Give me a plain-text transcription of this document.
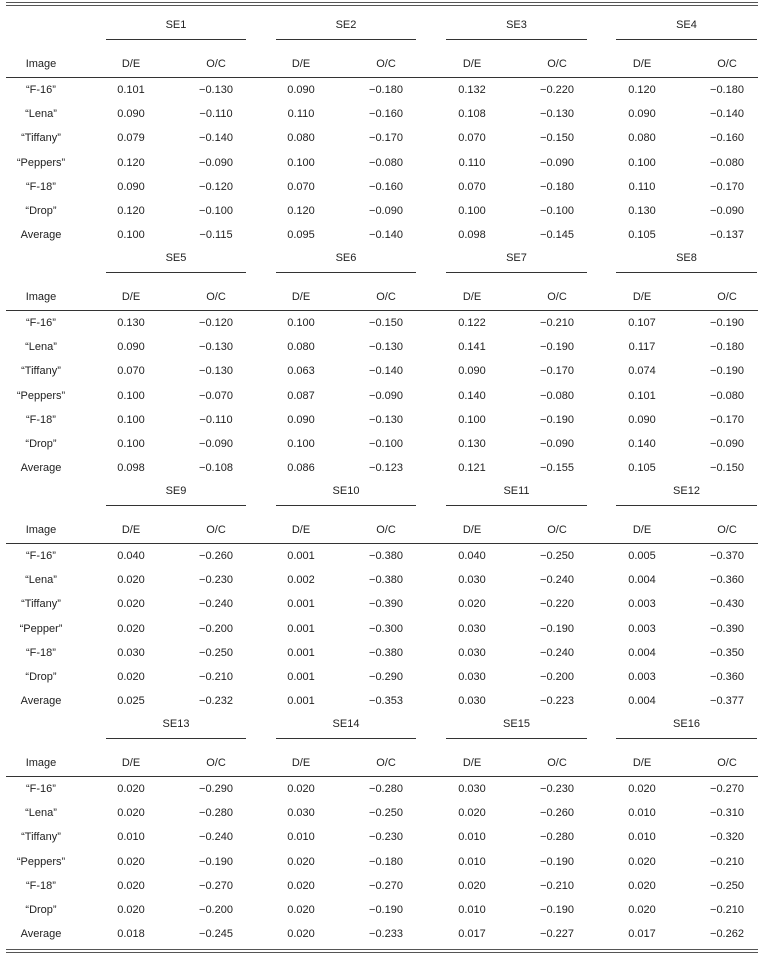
SE1	SE2	SE3	SE4
Image	D/E	O/C	D/E	O/C	D/E	O/C	D/E	O/C
“F-16”	0.101	−0.130	0.090	−0.180	0.132	−0.220	0.120	−0.180
“Lena”	0.090	−0.110	0.110	−0.160	0.108	−0.130	0.090	−0.140
“Tiffany”	0.079	−0.140	0.080	−0.170	0.070	−0.150	0.080	−0.160
“Peppers”	0.120	−0.090	0.100	−0.080	0.110	−0.090	0.100	−0.080
“F-18”	0.090	−0.120	0.070	−0.160	0.070	−0.180	0.110	−0.170
“Drop”	0.120	−0.100	0.120	−0.090	0.100	−0.100	0.130	−0.090
Average	0.100	−0.115	0.095	−0.140	0.098	−0.145	0.105	−0.137
SE5	SE6	SE7	SE8
Image	D/E	O/C	D/E	O/C	D/E	O/C	D/E	O/C
“F-16”	0.130	−0.120	0.100	−0.150	0.122	−0.210	0.107	−0.190
“Lena”	0.090	−0.130	0.080	−0.130	0.141	−0.190	0.117	−0.180
“Tiffany”	0.070	−0.130	0.063	−0.140	0.090	−0.170	0.074	−0.190
“Peppers”	0.100	−0.070	0.087	−0.090	0.140	−0.080	0.101	−0.080
“F-18”	0.100	−0.110	0.090	−0.130	0.100	−0.190	0.090	−0.170
“Drop”	0.100	−0.090	0.100	−0.100	0.130	−0.090	0.140	−0.090
Average	0.098	−0.108	0.086	−0.123	0.121	−0.155	0.105	−0.150
SE9	SE10	SE11	SE12
Image	D/E	O/C	D/E	O/C	D/E	O/C	D/E	O/C
“F-16”	0.040	−0.260	0.001	−0.380	0.040	−0.250	0.005	−0.370
“Lena”	0.020	−0.230	0.002	−0.380	0.030	−0.240	0.004	−0.360
“Tiffany”	0.020	−0.240	0.001	−0.390	0.020	−0.220	0.003	−0.430
“Pepper”	0.020	−0.200	0.001	−0.300	0.030	−0.190	0.003	−0.390
“F-18”	0.030	−0.250	0.001	−0.380	0.030	−0.240	0.004	−0.350
“Drop”	0.020	−0.210	0.001	−0.290	0.030	−0.200	0.003	−0.360
Average	0.025	−0.232	0.001	−0.353	0.030	−0.223	0.004	−0.377
SE13	SE14	SE15	SE16
Image	D/E	O/C	D/E	O/C	D/E	O/C	D/E	O/C
“F-16”	0.020	−0.290	0.020	−0.280	0.030	−0.230	0.020	−0.270
“Lena”	0.020	−0.280	0.030	−0.250	0.020	−0.260	0.010	−0.310
“Tiffany”	0.010	−0.240	0.010	−0.230	0.010	−0.280	0.010	−0.320
“Peppers”	0.020	−0.190	0.020	−0.180	0.010	−0.190	0.020	−0.210
“F-18”	0.020	−0.270	0.020	−0.270	0.020	−0.210	0.020	−0.250
“Drop”	0.020	−0.200	0.020	−0.190	0.010	−0.190	0.020	−0.210
Average	0.018	−0.245	0.020	−0.233	0.017	−0.227	0.017	−0.262
